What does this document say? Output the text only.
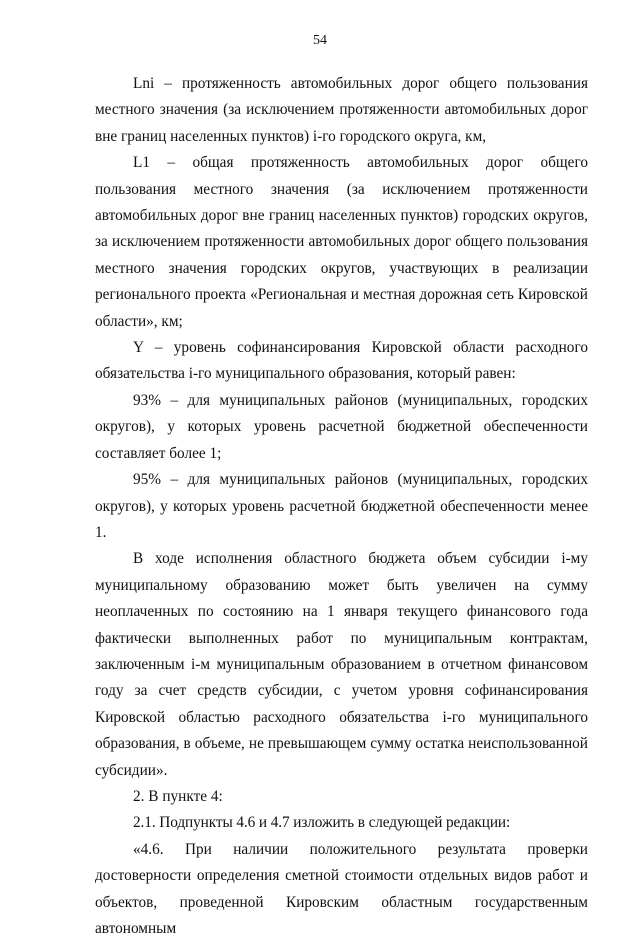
54

Lni – протяженность автомобильных дорог общего пользования местного значения (за исключением протяженности автомобильных дорог вне границ населенных пунктов) i-го городского округа, км,

L1 – общая протяженность автомобильных дорог общего пользования местного значения (за исключением протяженности автомобильных дорог вне границ населенных пунктов) городских округов, за исключением протяженности автомобильных дорог общего пользования местного значения городских округов, участвующих в реализации регионального проекта «Региональная и местная дорожная сеть Кировской области», км;

Y – уровень софинансирования Кировской области расходного обязательства i-го муниципального образования, который равен:

93% – для муниципальных районов (муниципальных, городских округов), у которых уровень расчетной бюджетной обеспеченности составляет более 1;

95% – для муниципальных районов (муниципальных, городских округов), у которых уровень расчетной бюджетной обеспеченности менее 1.

В ходе исполнения областного бюджета объем субсидии i-му муниципальному образованию может быть увеличен на сумму неоплаченных по состоянию на 1 января текущего финансового года фактически выполненных работ по муниципальным контрактам, заключенным i-м муниципальным образованием в отчетном финансовом году за счет средств субсидии, с учетом уровня софинансирования Кировской областью расходного обязательства i-го муниципального образования, в объеме, не превышающем сумму остатка неиспользованной субсидии».

2. В пункте 4:

2.1. Подпункты 4.6 и 4.7 изложить в следующей редакции:

«4.6. При наличии положительного результата проверки достоверности определения сметной стоимости отдельных видов работ и объектов, проведенной Кировским областным государственным автономным
